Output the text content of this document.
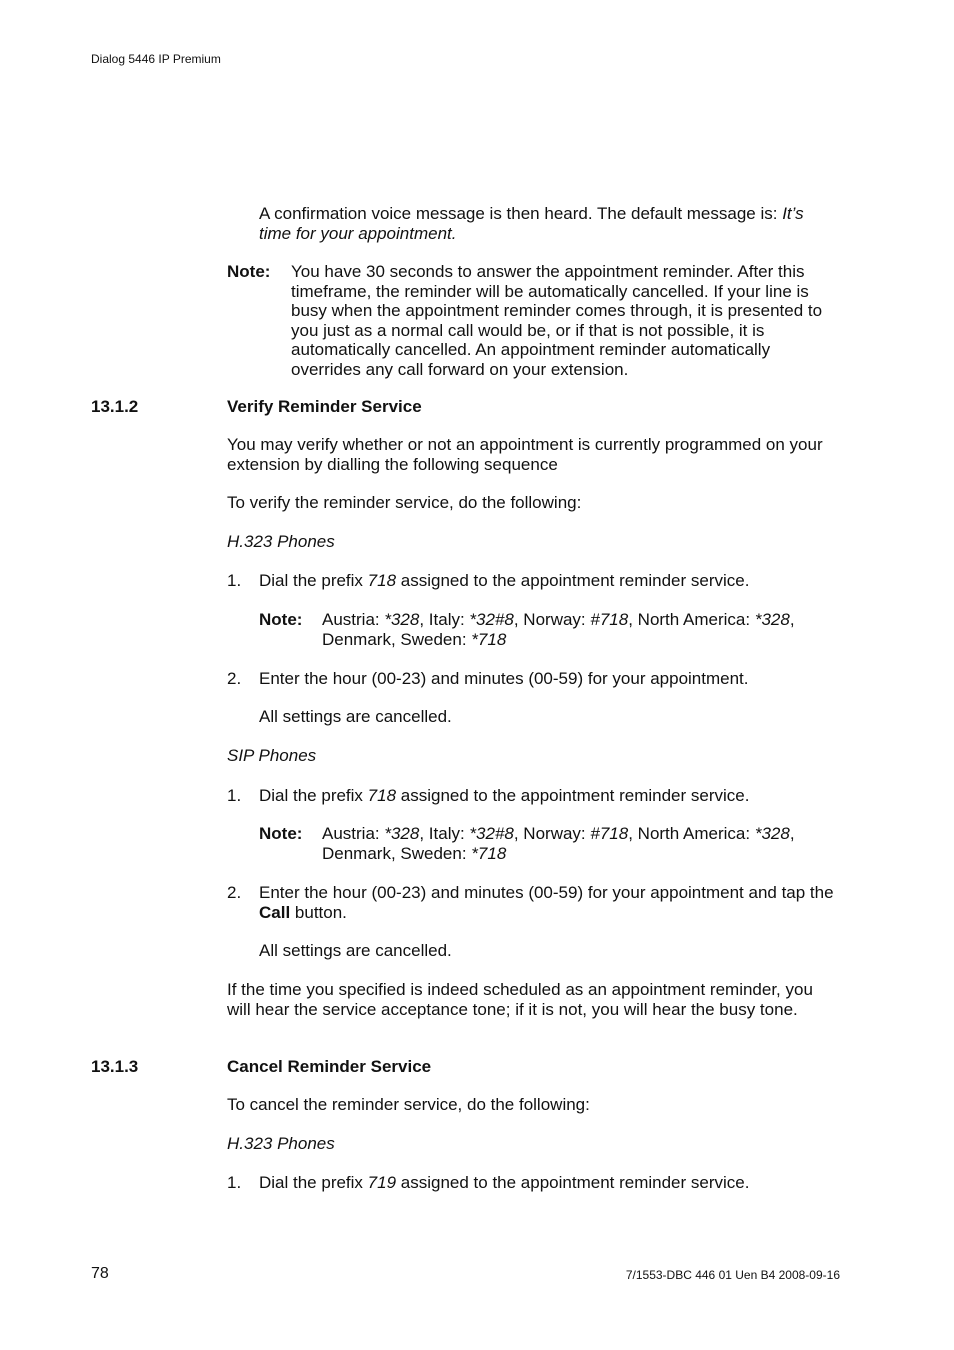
Dialog 5446 IP Premium

A confirmation voice message is then heard. The default message is: It’s time for your appointment.

Note: You have 30 seconds to answer the appointment reminder. After this timeframe, the reminder will be automatically cancelled. If your line is busy when the appointment reminder comes through, it is presented to you just as a normal call would be, or if that is not possible, it is automatically cancelled. An appointment reminder automatically overrides any call forward on your extension.

13.1.2	Verify Reminder Service

You may verify whether or not an appointment is currently programmed on your extension by dialling the following sequence

To verify the reminder service, do the following:

H.323 Phones
1. Dial the prefix 718 assigned to the appointment reminder service.

Note: Austria: *328, Italy: *32#8, Norway: #718, North America: *328, Denmark, Sweden: *718

2. Enter the hour (00-23) and minutes (00-59) for your appointment.

All settings are cancelled.

SIP Phones
1. Dial the prefix 718 assigned to the appointment reminder service.

Note: Austria: *328, Italy: *32#8, Norway: #718, North America: *328, Denmark, Sweden: *718

2. Enter the hour (00-23) and minutes (00-59) for your appointment and tap the Call button.

All settings are cancelled.

If the time you specified is indeed scheduled as an appointment reminder, you will hear the service acceptance tone; if it is not, you will hear the busy tone.

13.1.3	Cancel Reminder Service

To cancel the reminder service, do the following:

H.323 Phones
1. Dial the prefix 719 assigned to the appointment reminder service.

78	7/1553-DBC 446 01 Uen B4 2008-09-16
